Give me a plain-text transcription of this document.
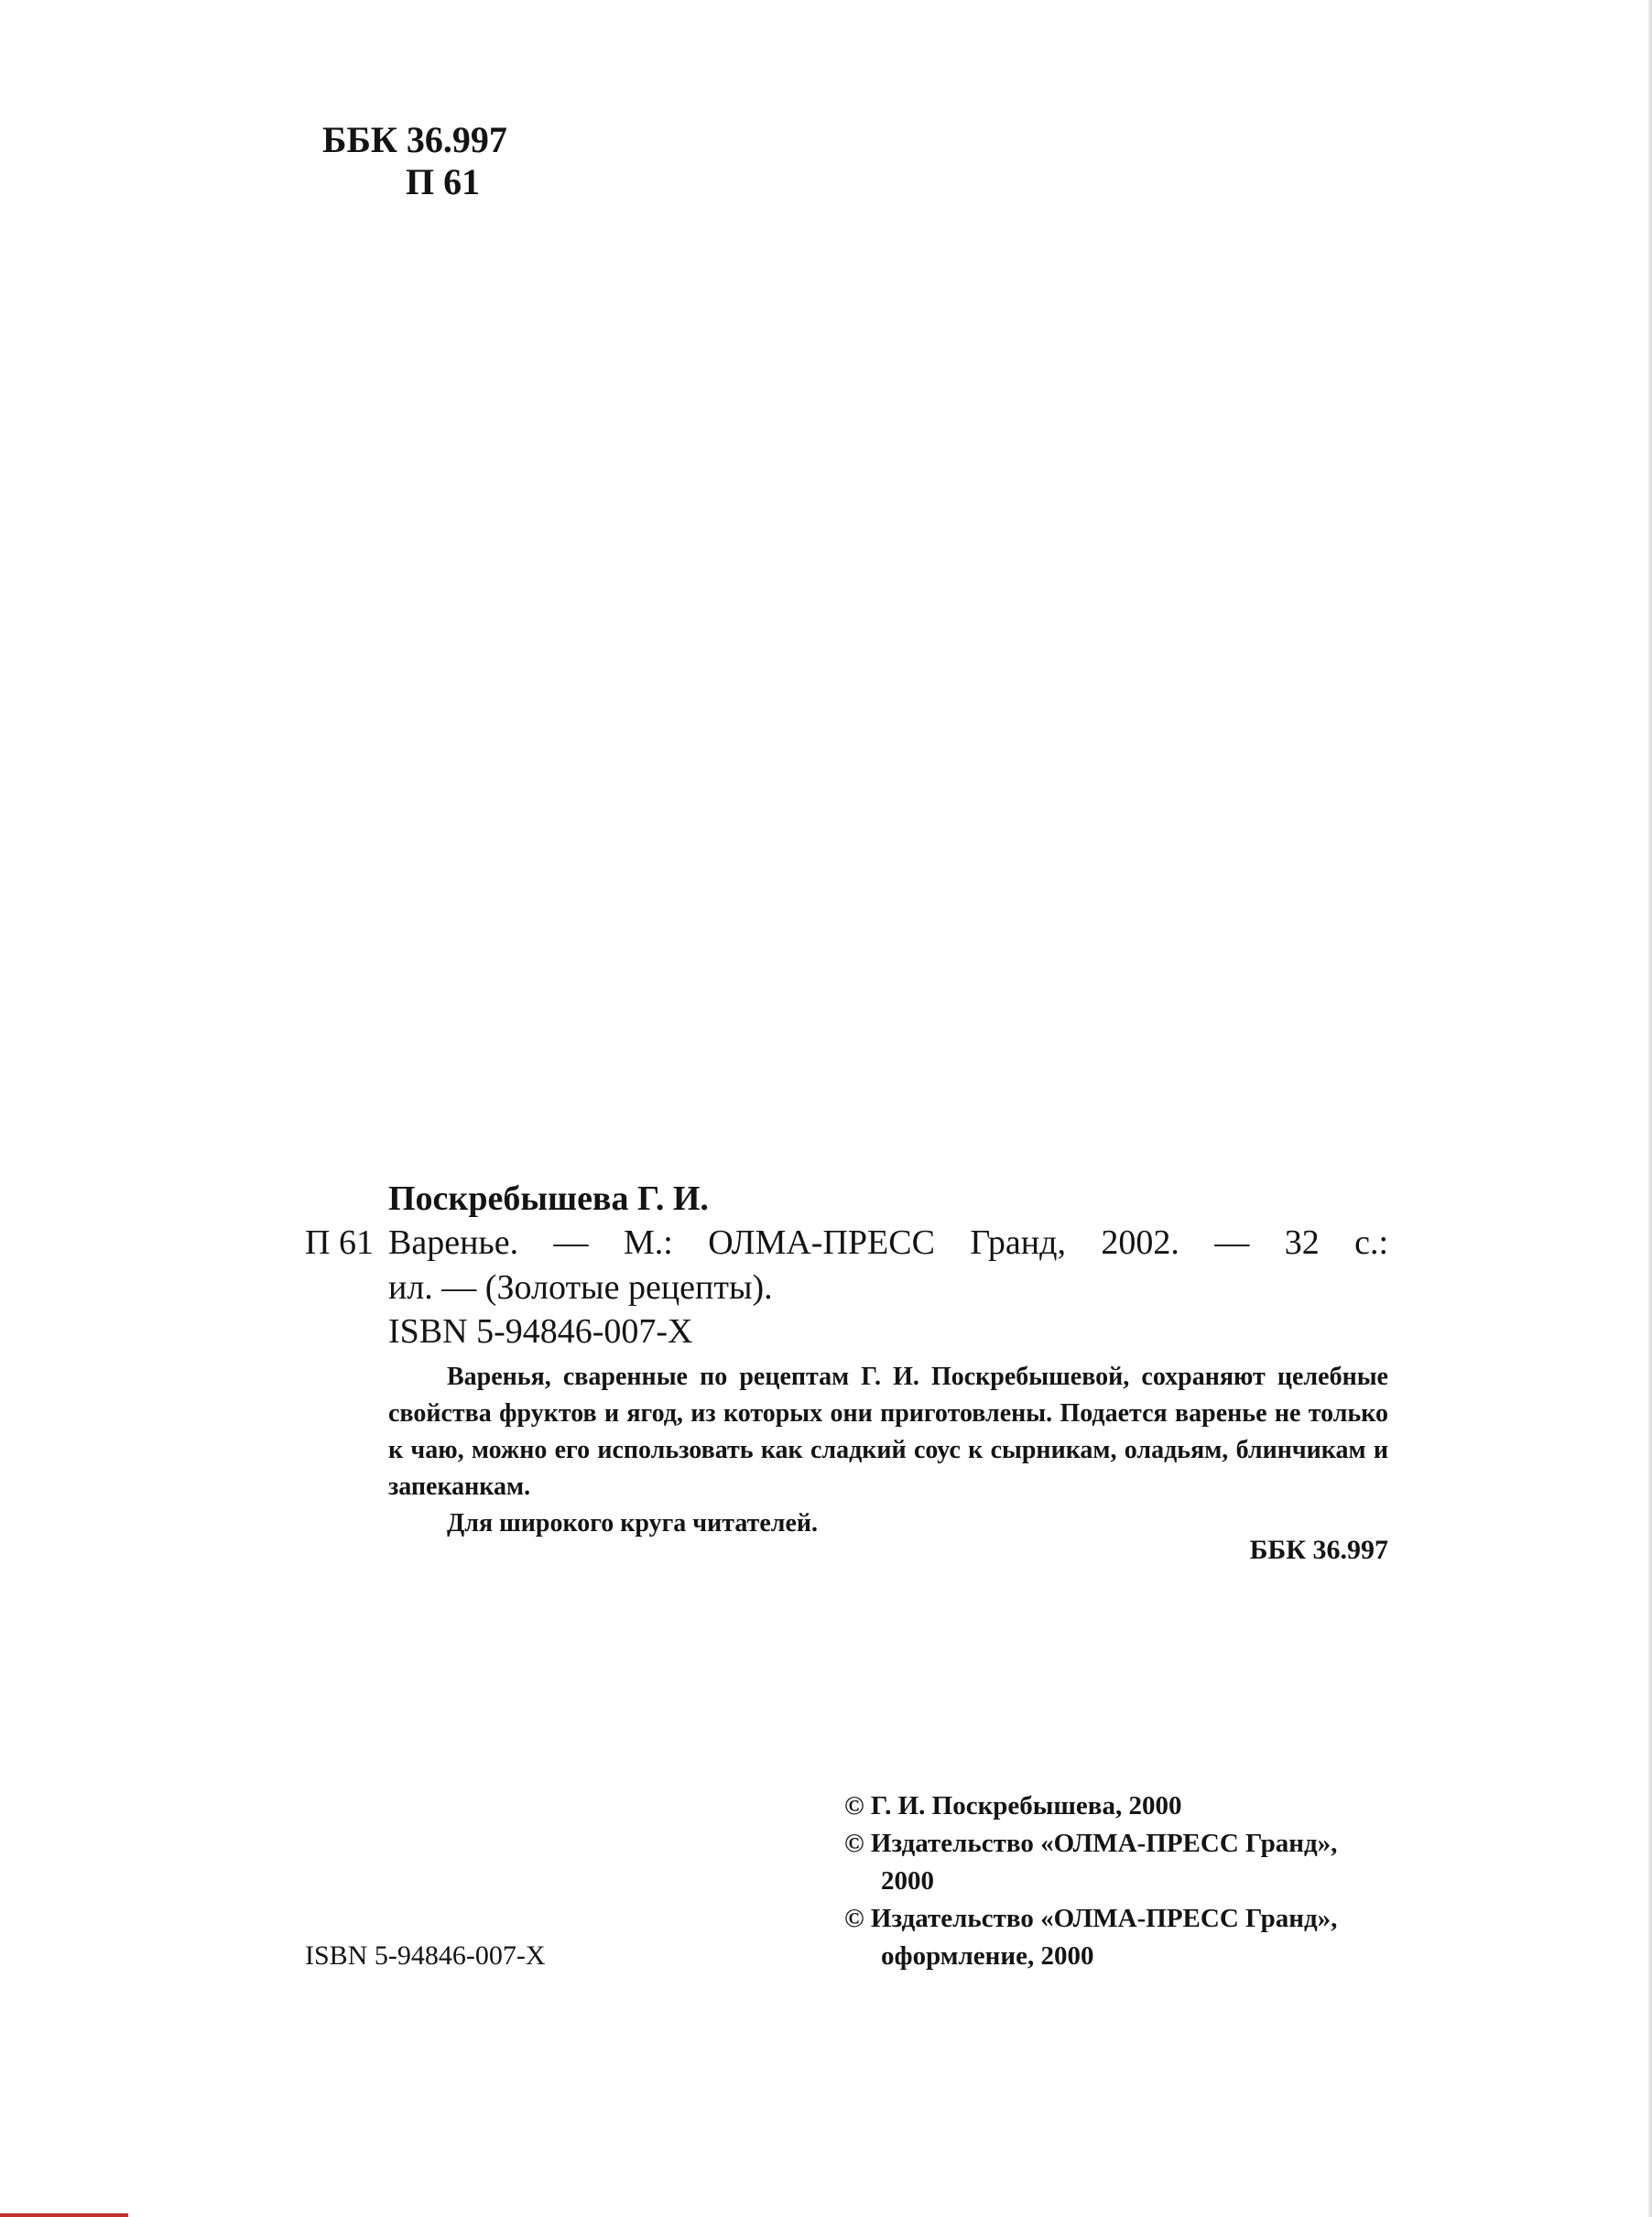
ББК 36.997
П 61
Поскребышева Г. И.
П 61 Варенье. — М.: ОЛМА-ПРЕСС Гранд, 2002. — 32 с.:
ил. — (Золотые рецепты).
ISBN 5-94846-007-X

Варенья, сваренные по рецептам Г. И. Поскребышевой, сохраняют целебные свойства фруктов и ягод, из которых они приготовлены. Подается варенье не только к чаю, можно его использовать как сладкий соус к сырникам, оладьям, блинчикам и запеканкам.

Для широкого круга читателей.

ББК 36.997
© Г. И. Поскребышева, 2000
© Издательство «ОЛМА-ПРЕСС Гранд»,
2000
© Издательство «ОЛМА-ПРЕСС Гранд»,
оформление, 2000
ISBN 5-94846-007-X
